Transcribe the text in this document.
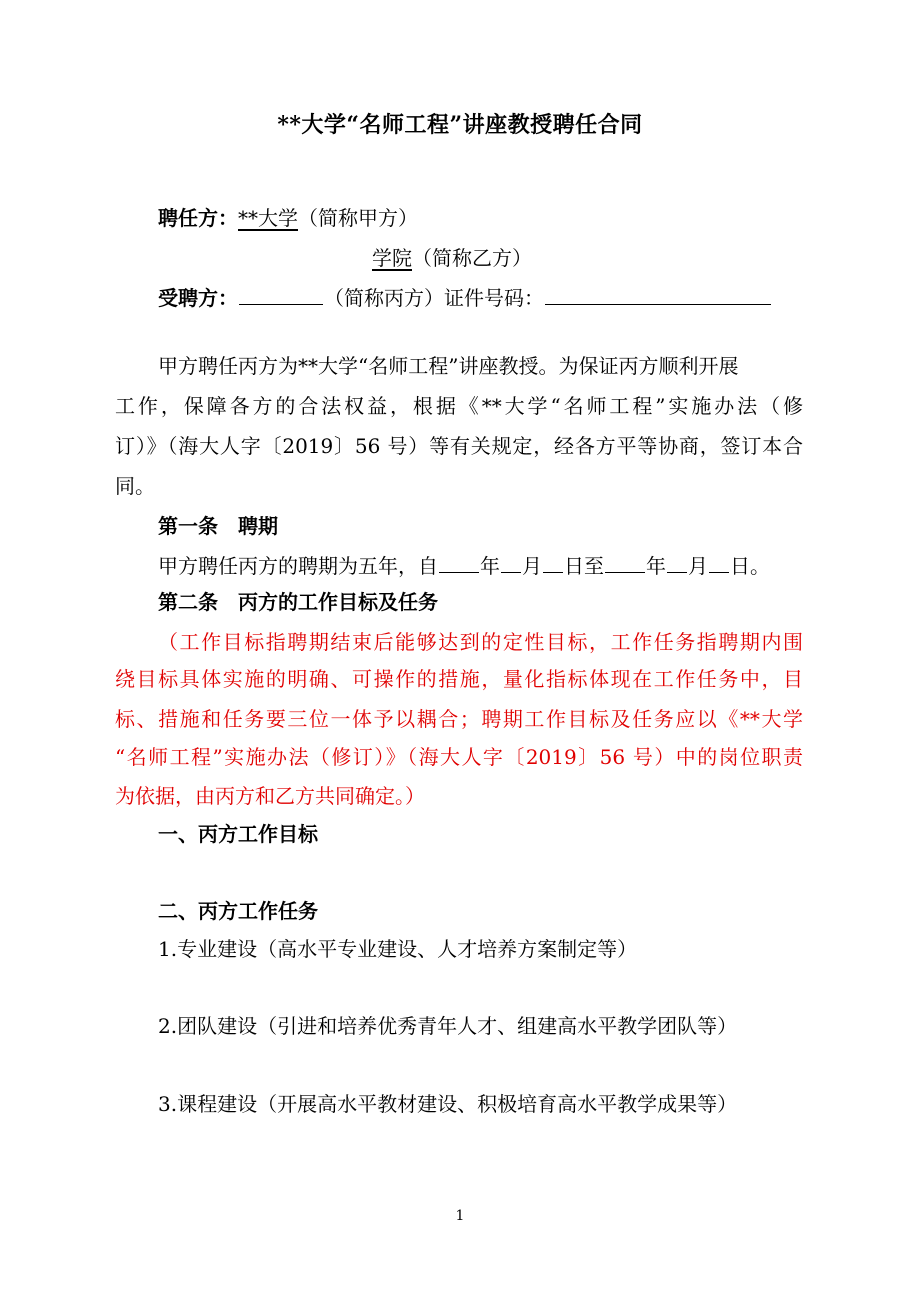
**大学“名师工程”讲座教授聘任合同
聘任方：**大学（简称甲方）
学院（简称乙方）
受聘方：	（简称丙方）证件号码：
甲方聘任丙方为**大学“名师工程”讲座教授。为保证丙方顺利开展
工作，保障各方的合法权益，根据《**大学“名师工程”实施办法（修
订）》（海大人字〔2019〕56 号）等有关规定，经各方平等协商，签订本合
同。
第一条　聘期
甲方聘任丙方的聘期为五年，自 年 月 日至 年 月 日。
第二条　丙方的工作目标及任务
（工作目标指聘期结束后能够达到的定性目标，工作任务指聘期内围
绕目标具体实施的明确、可操作的措施，量化指标体现在工作任务中，目
标、措施和任务要三位一体予以耦合；聘期工作目标及任务应以《**大学
“名师工程”实施办法（修订）》（海大人字〔2019〕56 号）中的岗位职责
为依据，由丙方和乙方共同确定。）
一、丙方工作目标
二、丙方工作任务
1.专业建设（高水平专业建设、人才培养方案制定等）
2.团队建设（引进和培养优秀青年人才、组建高水平教学团队等）
3.课程建设（开展高水平教材建设、积极培育高水平教学成果等）
1
